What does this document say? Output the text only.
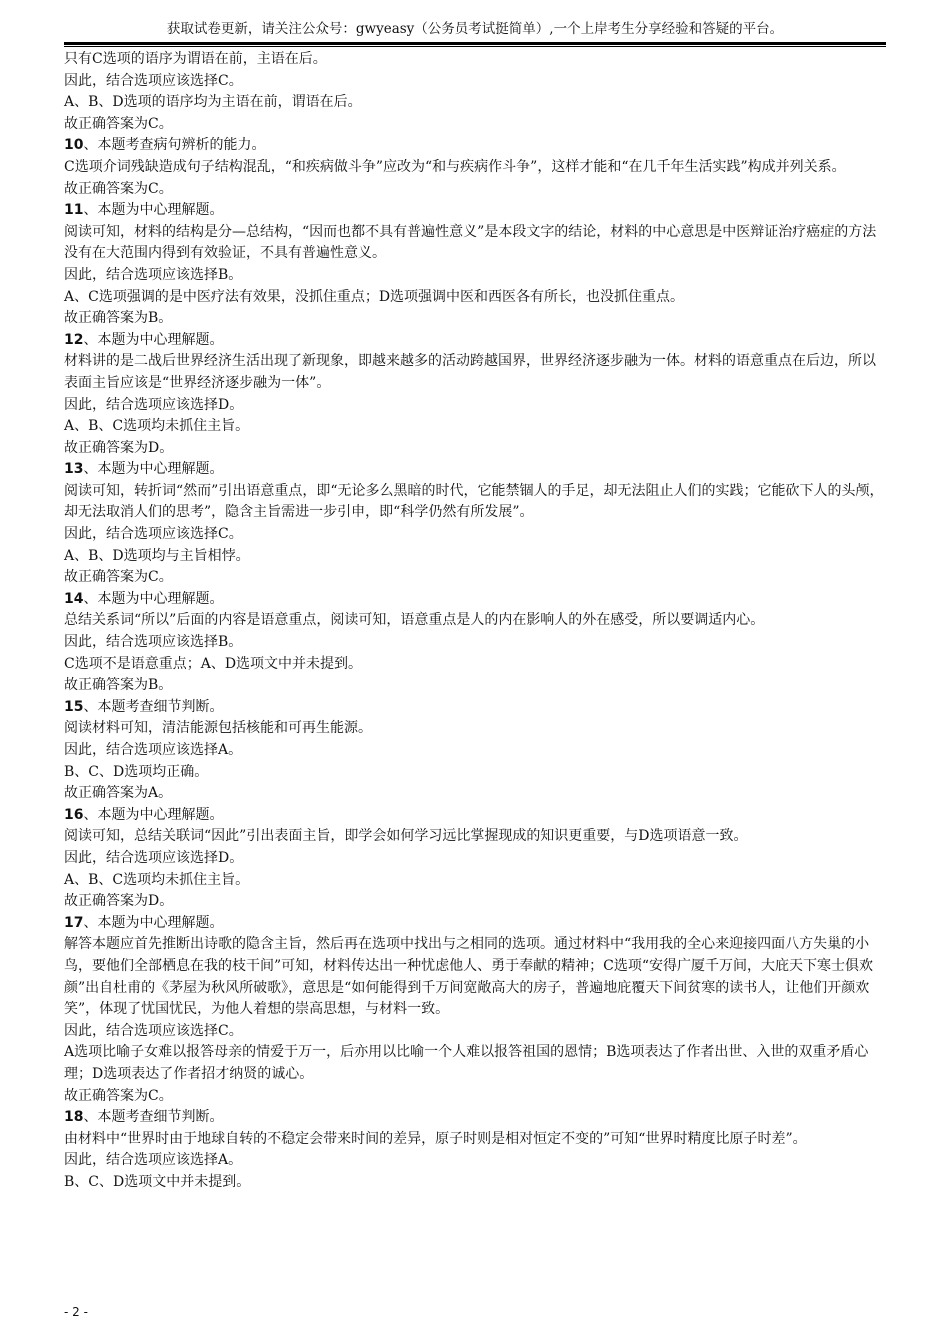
获取试卷更新，请关注公众号：gwyeasy（公务员考试挺简单）,一个上岸考生分享经验和答疑的平台。
只有C选项的语序为谓语在前，主语在后。
因此，结合选项应该选择C。
A、B、D选项的语序均为主语在前，谓语在后。
故正确答案为C。
10、本题考查病句辨析的能力。
C选项介词残缺造成句子结构混乱，“和疾病做斗争”应改为“和与疾病作斗争”，这样才能和“在几千年生活实践”构成并列关系。
故正确答案为C。
11、本题为中心理解题。
阅读可知，材料的结构是分—总结构，“因而也都不具有普遍性意义”是本段文字的结论，材料的中心意思是中医辩证治疗癌症的方法没有在大范围内得到有效验证，不具有普遍性意义。
因此，结合选项应该选择B。
A、C选项强调的是中医疗法有效果，没抓住重点；D选项强调中医和西医各有所长，也没抓住重点。
故正确答案为B。
12、本题为中心理解题。
材料讲的是二战后世界经济生活出现了新现象，即越来越多的活动跨越国界，世界经济逐步融为一体。材料的语意重点在后边，所以表面主旨应该是“世界经济逐步融为一体”。
因此，结合选项应该选择D。
A、B、C选项均未抓住主旨。
故正确答案为D。
13、本题为中心理解题。
阅读可知，转折词“然而”引出语意重点，即“无论多么黑暗的时代，它能禁锢人的手足，却无法阻止人们的实践；它能砍下人的头颅，却无法取消人们的思考”，隐含主旨需进一步引申，即“科学仍然有所发展”。
因此，结合选项应该选择C。
A、B、D选项均与主旨相悖。
故正确答案为C。
14、本题为中心理解题。
总结关系词“所以”后面的内容是语意重点，阅读可知，语意重点是人的内在影响人的外在感受，所以要调适内心。
因此，结合选项应该选择B。
C选项不是语意重点；A、D选项文中并未提到。
故正确答案为B。
15、本题考查细节判断。
阅读材料可知，清洁能源包括核能和可再生能源。
因此，结合选项应该选择A。
B、C、D选项均正确。
故正确答案为A。
16、本题为中心理解题。
阅读可知，总结关联词“因此”引出表面主旨，即学会如何学习远比掌握现成的知识更重要，与D选项语意一致。
因此，结合选项应该选择D。
A、B、C选项均未抓住主旨。
故正确答案为D。
17、本题为中心理解题。
解答本题应首先推断出诗歌的隐含主旨，然后再在选项中找出与之相同的选项。通过材料中“我用我的全心来迎接四面八方失巢的小鸟，要他们全部栖息在我的枝干间”可知，材料传达出一种忧虑他人、勇于奉献的精神；C选项“安得广厦千万间，大庇天下寒士俱欢颜”出自杜甫的《茅屋为秋风所破歌》，意思是“如何能得到千万间宽敞高大的房子，普遍地庇覆天下间贫寒的读书人，让他们开颜欢笑”，体现了忧国忧民，为他人着想的崇高思想，与材料一致。
因此，结合选项应该选择C。
A选项比喻子女难以报答母亲的情爱于万一，后亦用以比喻一个人难以报答祖国的恩情；B选项表达了作者出世、入世的双重矛盾心理；D选项表达了作者招才纳贤的诚心。
故正确答案为C。
18、本题考查细节判断。
由材料中“世界时由于地球自转的不稳定会带来时间的差异，原子时则是相对恒定不变的”可知“世界时精度比原子时差”。
因此，结合选项应该选择A。
B、C、D选项文中并未提到。
- 2 -
